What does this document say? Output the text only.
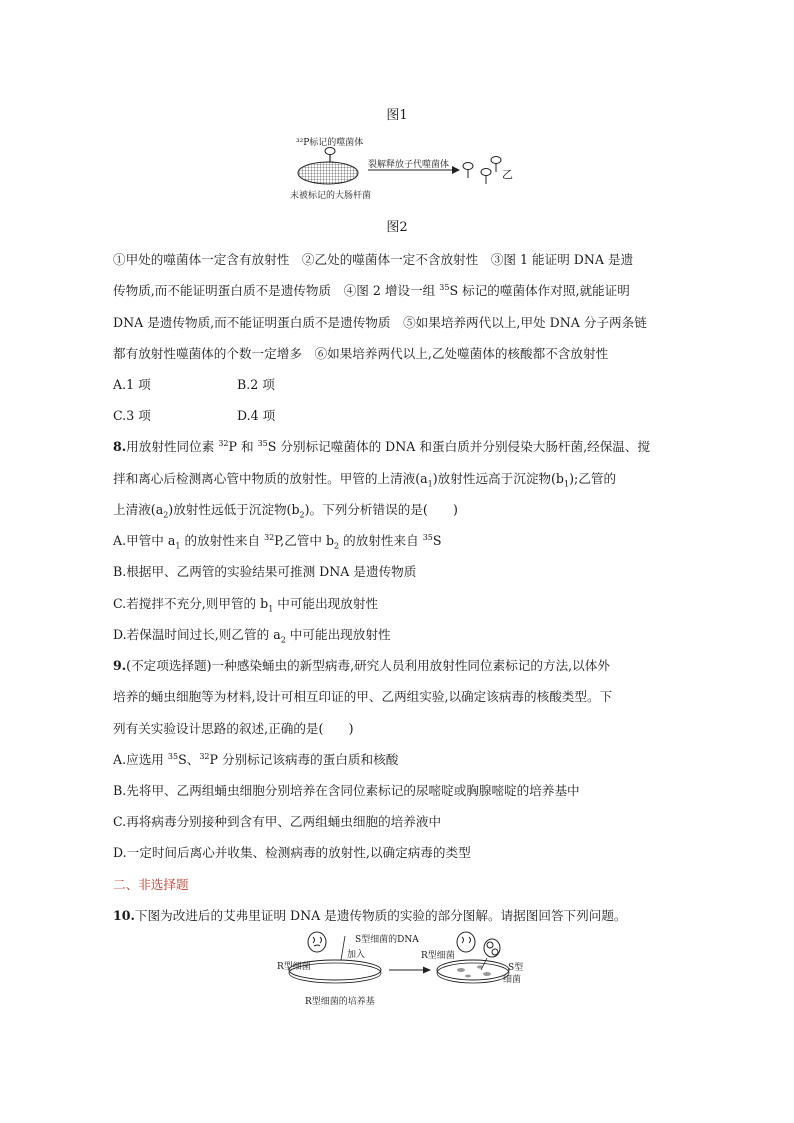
图1
³²P标记的噬菌体
未被标记的大肠杆菌
裂解释放子代噬菌体
乙
图2
①甲处的噬菌体一定含有放射性　②乙处的噬菌体一定不含放射性　③图 1 能证明 DNA 是遗
传物质,而不能证明蛋白质不是遗传物质　④图 2 增设一组 $^{35}$S 标记的噬菌体作对照,就能证明
DNA 是遗传物质,而不能证明蛋白质不是遗传物质　⑤如果培养两代以上,甲处 DNA 分子两条链
都有放射性噬菌体的个数一定增多　⑥如果培养两代以上,乙处噬菌体的核酸都不含放射性
A.1 项	B.2 项
C.3 项	D.4 项
8.用放射性同位素 $^{32}$P 和 $^{35}$S 分别标记噬菌体的 DNA 和蛋白质并分别侵染大肠杆菌,经保温、搅
拌和离心后检测离心管中物质的放射性。甲管的上清液$(a_1)$放射性远高于沉淀物$(b_1)$;乙管的
上清液$(a_2)$放射性远低于沉淀物$(b_2)$。下列分析错误的是(　　)
A.甲管中 $a_1$ 的放射性来自 $^{32}$P,乙管中 $b_2$ 的放射性来自 $^{35}$S
B.根据甲、乙两管的实验结果可推测 DNA 是遗传物质
C.若搅拌不充分,则甲管的 $b_1$ 中可能出现放射性
D.若保温时间过长,则乙管的 $a_2$ 中可能出现放射性
9.(不定项选择题)一种感染蛹虫的新型病毒,研究人员利用放射性同位素标记的方法,以体外
培养的蛹虫细胞等为材料,设计可相互印证的甲、乙两组实验,以确定该病毒的核酸类型。下
列有关实验设计思路的叙述,正确的是(　　)
A.应选用 $^{35}$S、$^{32}$P 分别标记该病毒的蛋白质和核酸
B.先将甲、乙两组蛹虫细胞分别培养在含同位素标记的尿嘧啶或胸腺嘧啶的培养基中
C.再将病毒分别接种到含有甲、乙两组蛹虫细胞的培养液中
D.一定时间后离心并收集、检测病毒的放射性,以确定病毒的类型
二、非选择题
10.下图为改进后的艾弗里证明 DNA 是遗传物质的实验的部分图解。请据图回答下列问题。
S型细菌的DNA
加入
R型细菌
R型细菌
S型
细菌
R型细菌的培养基
